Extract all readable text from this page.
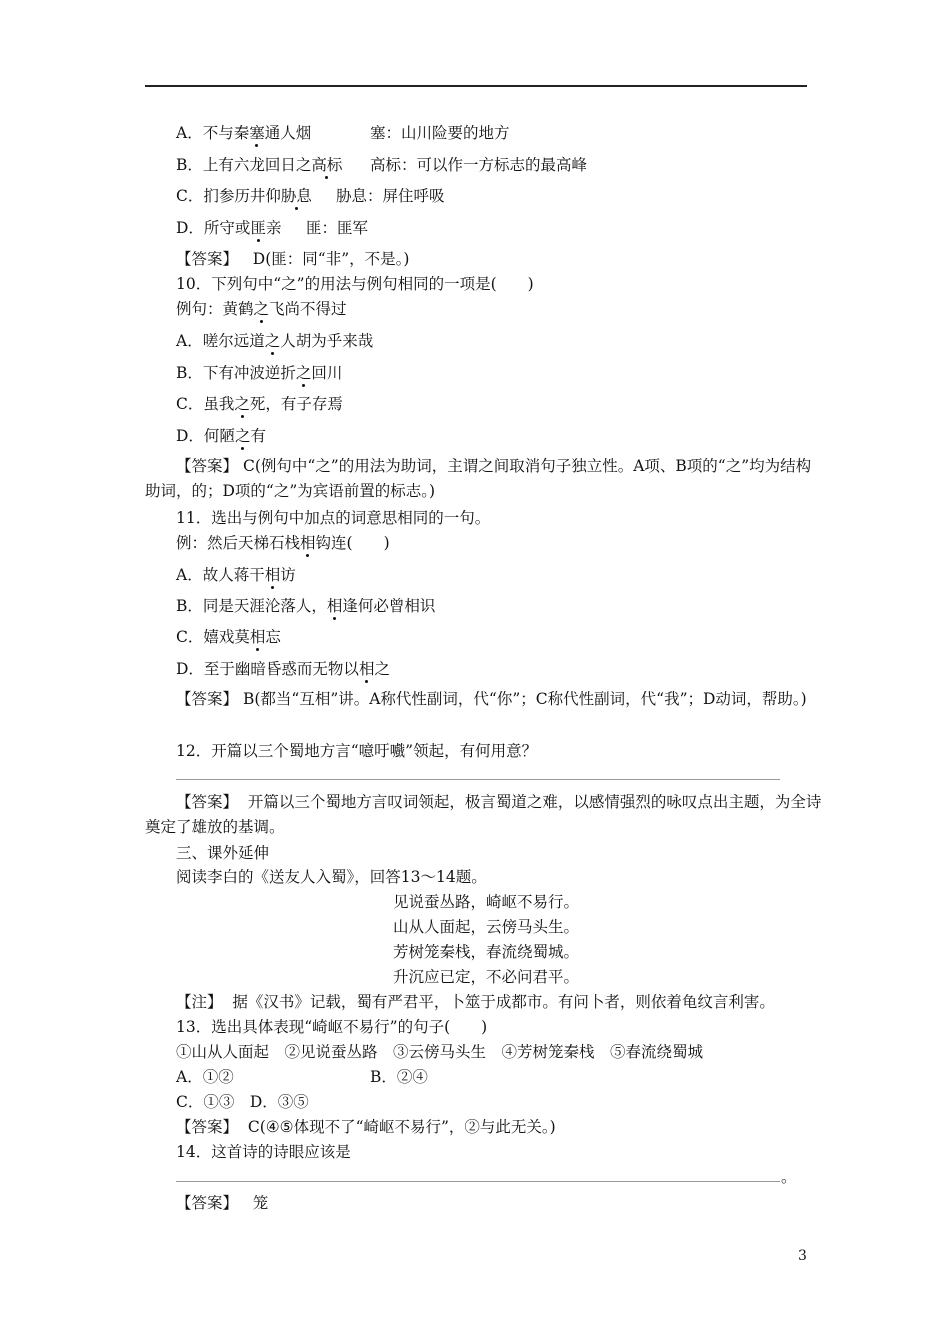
A．不与秦塞通人烟	塞：山川险要的地方
B．上有六龙回日之高标 高标：可以作一方标志的最高峰
C．扪参历井仰胁息 胁息：屏住呼吸
D．所守或匪亲 匪：匪军
【答案】 D(匪：同“非”，不是。)
10．下列句中“之”的用法与例句相同的一项是(　　)
例句：黄鹤之飞尚不得过
A．嗟尔远道之人胡为乎来哉
B．下有冲波逆折之回川
C．虽我之死，有子存焉
D．何陋之有
【答案】 C(例句中“之”的用法为助词，主谓之间取消句子独立性。A项、B项的“之”均为结构助词，的；D项的“之”为宾语前置的标志。)
11．选出与例句中加点的词意思相同的一句。
例：然后天梯石栈相钩连(　　)
A．故人蒋干相访
B．同是天涯沦落人，相逢何必曾相识
C．嬉戏莫相忘
D．至于幽暗昏惑而无物以相之
【答案】 B(都当“互相”讲。A称代性副词，代“你”；C称代性副词，代“我”；D动词，帮助。)
12．开篇以三个蜀地方言“噫吁嚱”领起，有何用意？
【答案】 开篇以三个蜀地方言叹词领起，极言蜀道之难，以感情强烈的咏叹点出主题，为全诗奠定了雄放的基调。
三、课外延伸
阅读李白的《送友人入蜀》，回答13～14题。
见说蚕丛路，崎岖不易行。
山从人面起，云傍马头生。
芳树笼秦栈，春流绕蜀城。
升沉应已定，不必问君平。
【注】 据《汉书》记载，蜀有严君平，卜筮于成都市。有问卜者，则依着龟纹言利害。
13．选出具体表现“崎岖不易行”的句子(　　)
①山从人面起　②见说蚕丛路　③云傍马头生　④芳树笼秦栈　⑤春流绕蜀城
A．①②	B．②④
C．①③　D．③⑤
【答案】 C(④⑤体现不了“崎岖不易行”，②与此无关。)
14．这首诗的诗眼应该是
。
【答案】 笼
3
